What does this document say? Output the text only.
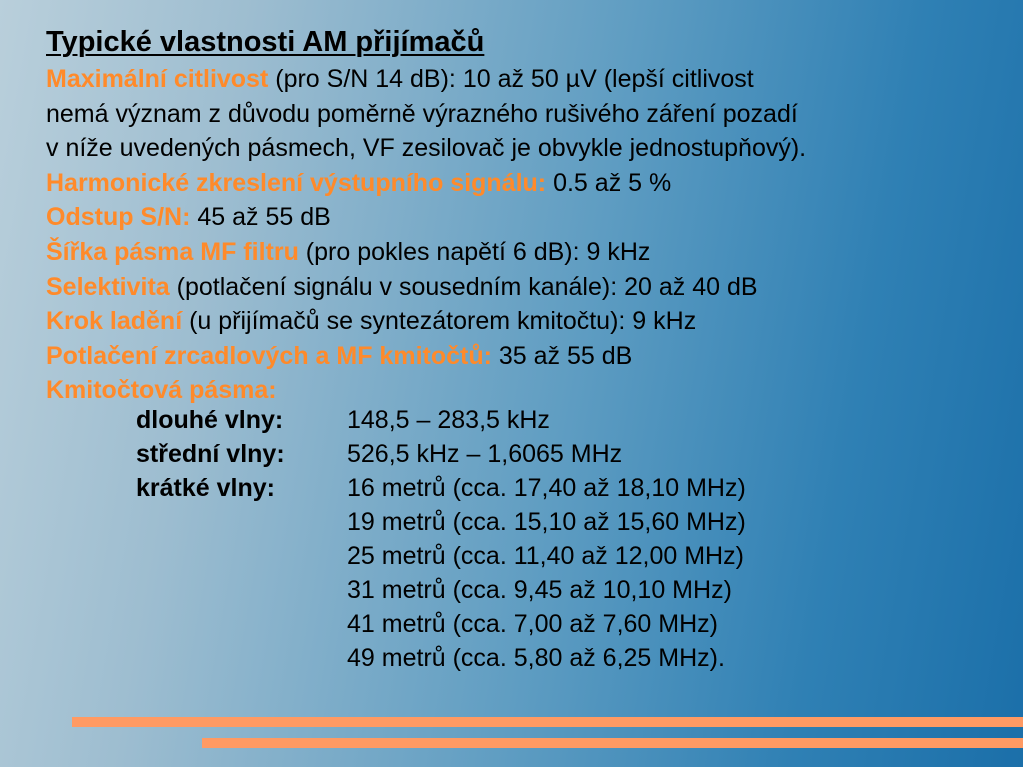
Typické vlastnosti AM přijímačů
Maximální citlivost (pro S/N 14 dB): 10 až 50 µV (lepší citlivost
nemá význam z důvodu poměrně výrazného rušivého záření pozadí
v níže uvedených pásmech, VF zesilovač je obvykle jednostupňový).
Harmonické zkreslení výstupního signálu: 0.5 až 5 %
Odstup S/N: 45 až 55 dB
Šířka pásma MF filtru (pro pokles napětí 6 dB): 9 kHz
Selektivita (potlačení signálu v sousedním kanále): 20 až 40 dB
Krok ladění (u přijímačů se syntezátorem kmitočtu): 9 kHz
Potlačení zrcadlových a MF kmitočtů: 35 až 55 dB
Kmitočtová pásma:
dlouhé vlny:	148,5 – 283,5 kHz
střední vlny:	526,5 kHz – 1,6065 MHz
krátké vlny:	16 metrů (cca. 17,40 až 18,10 MHz)
19 metrů (cca. 15,10 až 15,60 MHz)
25 metrů (cca. 11,40 až 12,00 MHz)
31 metrů (cca. 9,45 až 10,10 MHz)
41 metrů (cca. 7,00 až 7,60 MHz)
49 metrů (cca. 5,80 až 6,25 MHz).
